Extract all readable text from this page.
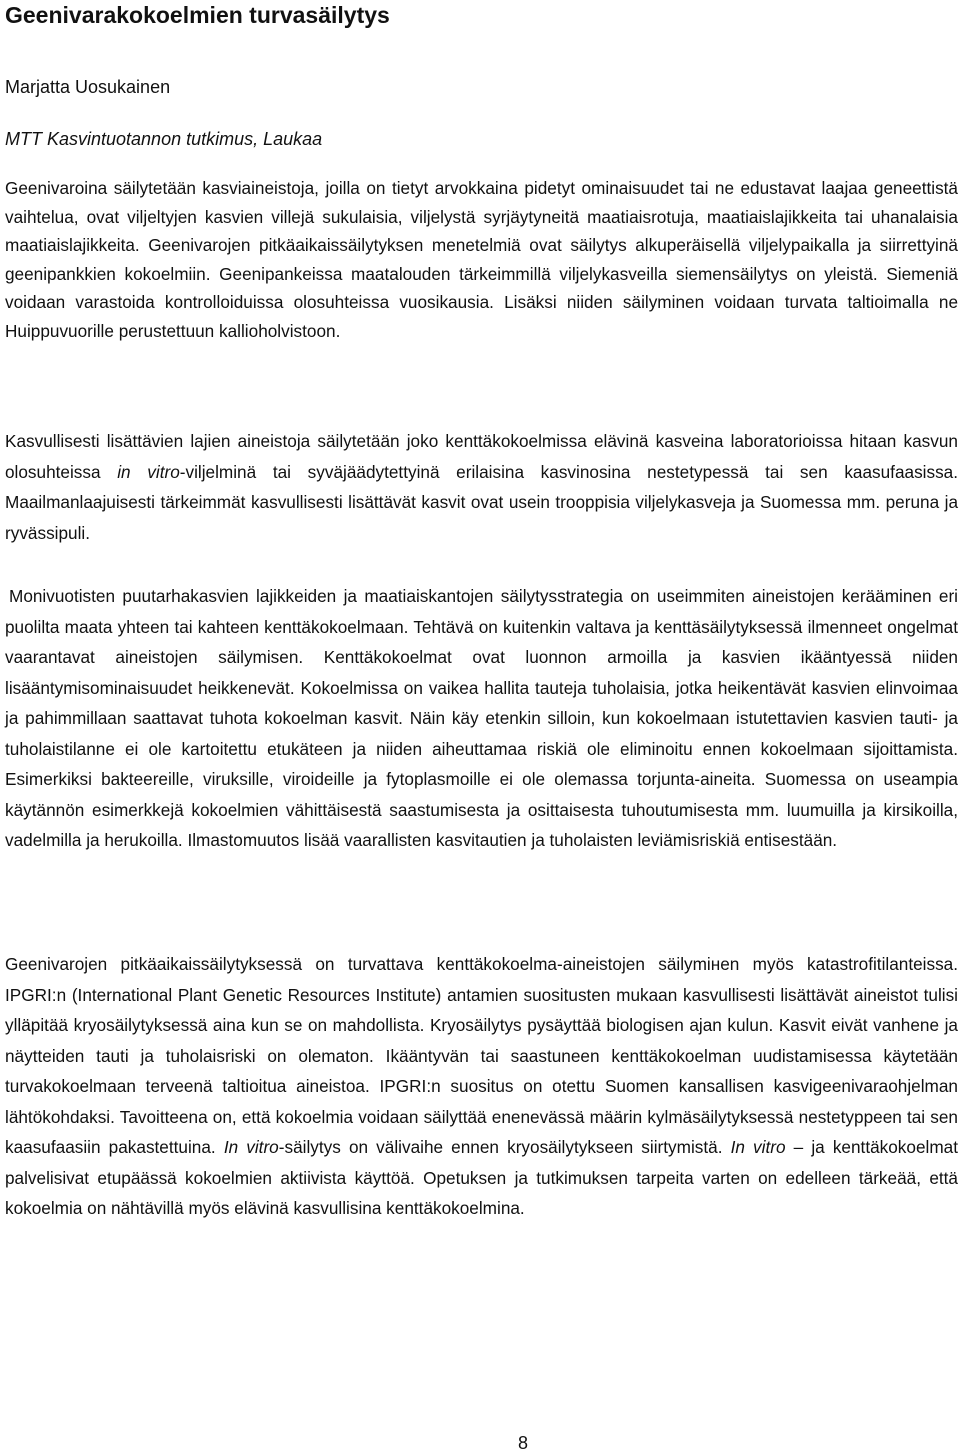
Geenivarakokoelmien turvasäilytys
Marjatta Uosukainen
MTT Kasvintuotannon tutkimus, Laukaa

Geenivaroina säilytetään kasviaineistoja, joilla on tietyt arvokkaina pidetyt ominaisuudet tai ne edustavat laajaa geneettistä vaihtelua, ovat viljeltyjen kasvien villejä sukulaisia, viljelystä syrjäytyneitä maatiaisrotuja, maatiaislajikkeita tai uhanalaisia maatiaislajikkeita. Geenivarojen pitkäaikaissäilytyksen menetelmiä ovat säilytys alkuperäisellä viljelypaikalla ja siirrettyinä geenipankkien kokoelmiin. Geenipankeissa maatalouden tärkeimmillä viljelykasveilla siemensäilytys on yleistä. Siemeniä voidaan varastoida kontrolloiduissa olosuhteissa vuosikausia. Lisäksi niiden säilyminen voidaan turvata taltioimalla ne Huippuvuorille perustettuun kallioholvistoon.

Kasvullisesti lisättävien lajien aineistoja säilytetään joko kenttäkokoelmissa elävinä kasveina laboratorioissa hitaan kasvun olosuhteissa in vitro-viljelminä tai syväjäädytettyinä erilaisina kasvinosina nestetypessä tai sen kaasufaasissa. Maailmanlaajuisesti tärkeimmät kasvullisesti lisättävät kasvit ovat usein trooppisia viljelykasveja ja Suomessa mm. peruna ja ryvässipuli.

Monivuotisten puutarhakasvien lajikkeiden ja maatiaiskantojen säilytysstrategia on useimmiten aineistojen kerääminen eri puolilta maata yhteen tai kahteen kenttäkokoelmaan. Tehtävä on kuitenkin valtava ja kenttäsäilytyksessä ilmenneet ongelmat vaarantavat aineistojen säilymisen. Kenttäkokoelmat ovat luonnon armoilla ja kasvien ikääntyessä niiden lisääntymisominaisuudet heikkenevät. Kokoelmissa on vaikea hallita tauteja tuholaisia, jotka heikentävät kasvien elinvoimaa ja pahimmillaan saattavat tuhota kokoelman kasvit. Näin käy etenkin silloin, kun kokoelmaan istutettavien kasvien tauti- ja tuholaistilanne ei ole kartoitettu etukäteen ja niiden aiheuttamaa riskiä ole eliminoitu ennen kokoelmaan sijoittamista. Esimerkiksi bakteereille, viruksille, viroideille ja fytoplasmoille ei ole olemassa torjunta-aineita. Suomessa on useampia käytännön esimerkkejä kokoelmien vähittäisestä saastumisesta ja osittaisesta tuhoutumisesta mm. luumuilla ja kirsikoilla, vadelmilla ja herukoilla. Ilmastomuutos lisää vaarallisten kasvitautien ja tuholaisten leviämisriskiä entisestään.

Geenivarojen pitkäaikaissäilytyksessä on turvattava kenttäkokoelma-aineistojen säilymінen myös katastrofitilanteissa. IPGRI:n (International Plant Genetic Resources Institute) antamien suositusten mukaan kasvullisesti lisättävät aineistot tulisi ylläpitää kryosäilytyksessä aina kun se on mahdollista. Kryosäilytys pysäyttää biologisen ajan kulun. Kasvit eivät vanhene ja näytteiden tauti ja tuholaisriski on olematon. Ikääntyvän tai saastuneen kenttäkokoelman uudistamisessa käytetään turvakokoelmaan terveenä taltioitua aineistoa. IPGRI:n suositus on otettu Suomen kansallisen kasvigeenivaraohjelman lähtökohdaksi. Tavoitteena on, että kokoelmia voidaan säilyttää enenevässä määrin kylmäsäilytyksessä nestetyppeen tai sen kaasufaasiin pakastettuina. In vitro-säilytys on välivaihe ennen kryosäilytykseen siirtymistä. In vitro – ja kenttäkokoelmat palvelisivat etupäässä kokoelmien aktiivista käyttöä. Opetuksen ja tutkimuksen tarpeita varten on edelleen tärkeää, että kokoelmia on nähtävillä myös elävinä kasvullisina kenttäkokoelmina.

8
